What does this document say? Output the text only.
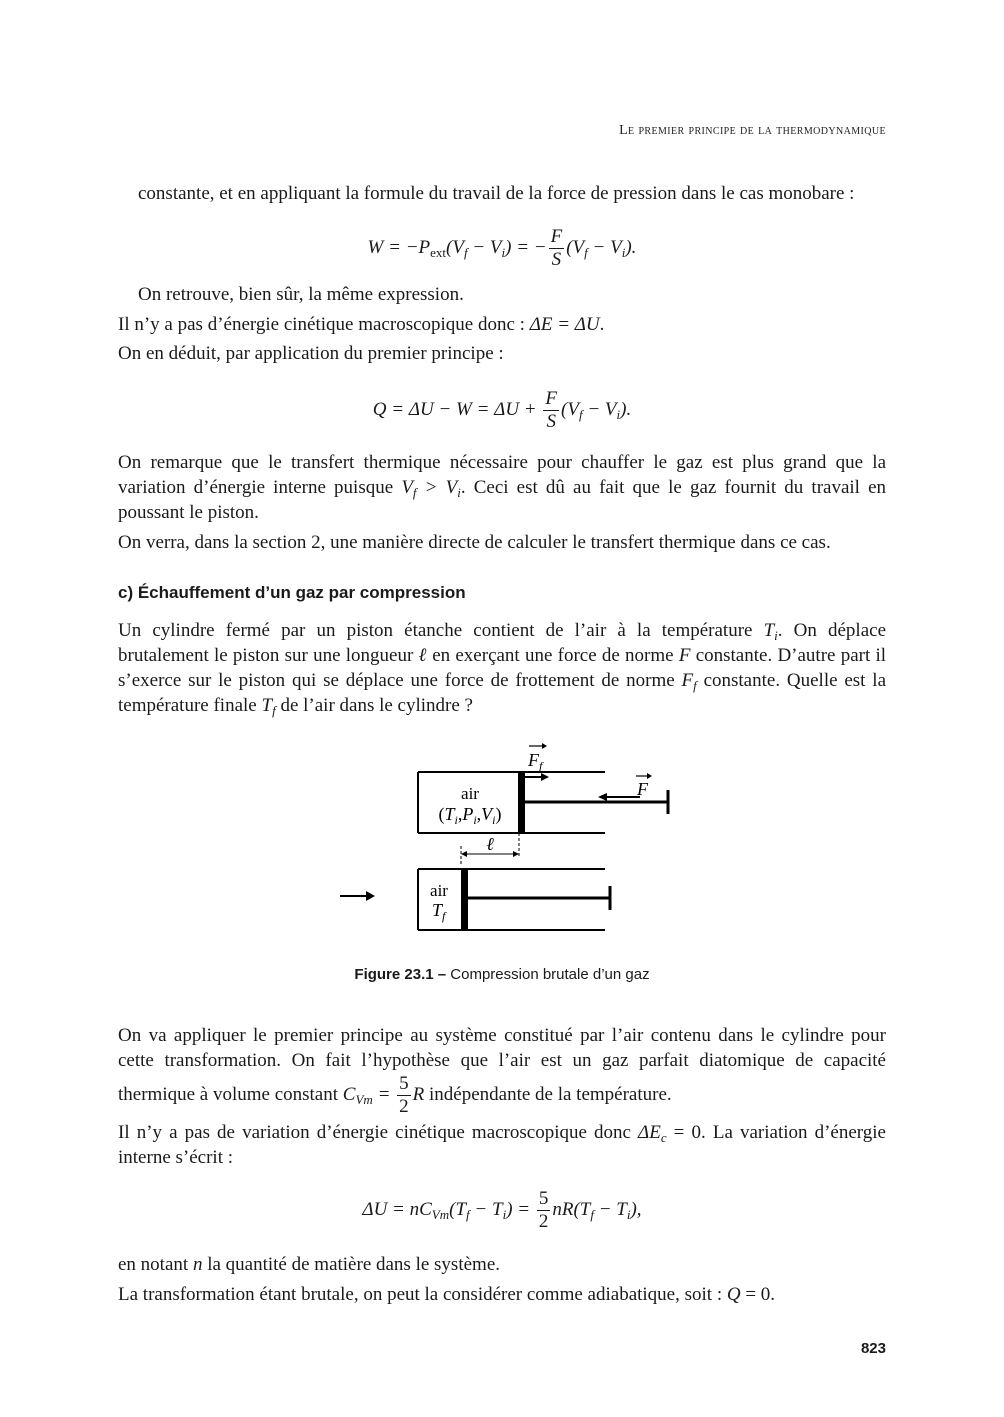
Le premier principe de la thermodynamique
constante, et en appliquant la formule du travail de la force de pression dans le cas monobare :
$W = -P_{ext}(V_f - V_i)$ = − $\frac{F}{S} (V_f - V_i)$.
On retrouve, bien sûr, la même expression.
Il n’y a pas d’énergie cinétique macroscopique donc : ΔE = ΔU.
On en déduit, par application du premier principe :
$Q = \Delta U - W = \Delta U + \frac{F}{S} (V_f - V_i)$.
On remarque que le transfert thermique nécessaire pour chauffer le gaz est plus grand que la variation d’énergie interne puisque $V_f > V_i$. Ceci est dû au fait que le gaz fournit du travail en poussant le piston.
On verra, dans la section 2, une manière directe de calculer le transfert thermique dans ce cas.
c) Échauffement d’un gaz par compression
Un cylindre fermé par un piston étanche contient de l’air à la température $T_i$. On déplace brutalement le piston sur une longueur ℓ en exerçant une force de norme F constante. D’autre part il s’exerce sur le piston qui se déplace une force de frottement de norme $F_f$ constante. Quelle est la température finale $T_f$ de l’air dans le cylindre ?
air
$(T_i,P_i,V_i)$
$F_f$
F
ℓ
air
$T_f$
Figure 23.1 – Compression brutale d’un gaz
On va appliquer le premier principe au système constitué par l’air contenu dans le cylindre pour cette transformation. On fait l’hypothèse que l’air est un gaz parfait diatomique de capacité thermique à volume constant $C_{Vm} = \frac{5}{2}$ R indépendante de la température.
Il n’y a pas de variation d’énergie cinétique macroscopique donc $\Delta E_c = 0$. La variation d’énergie interne s’écrit :
$\Delta U = nC_{Vm}(T_f - T_i) = \frac{5}{2} nR(T_f - T_i)$,
en notant n la quantité de matière dans le système.
La transformation étant brutale, on peut la considérer comme adiabatique, soit : Q = 0.
823
